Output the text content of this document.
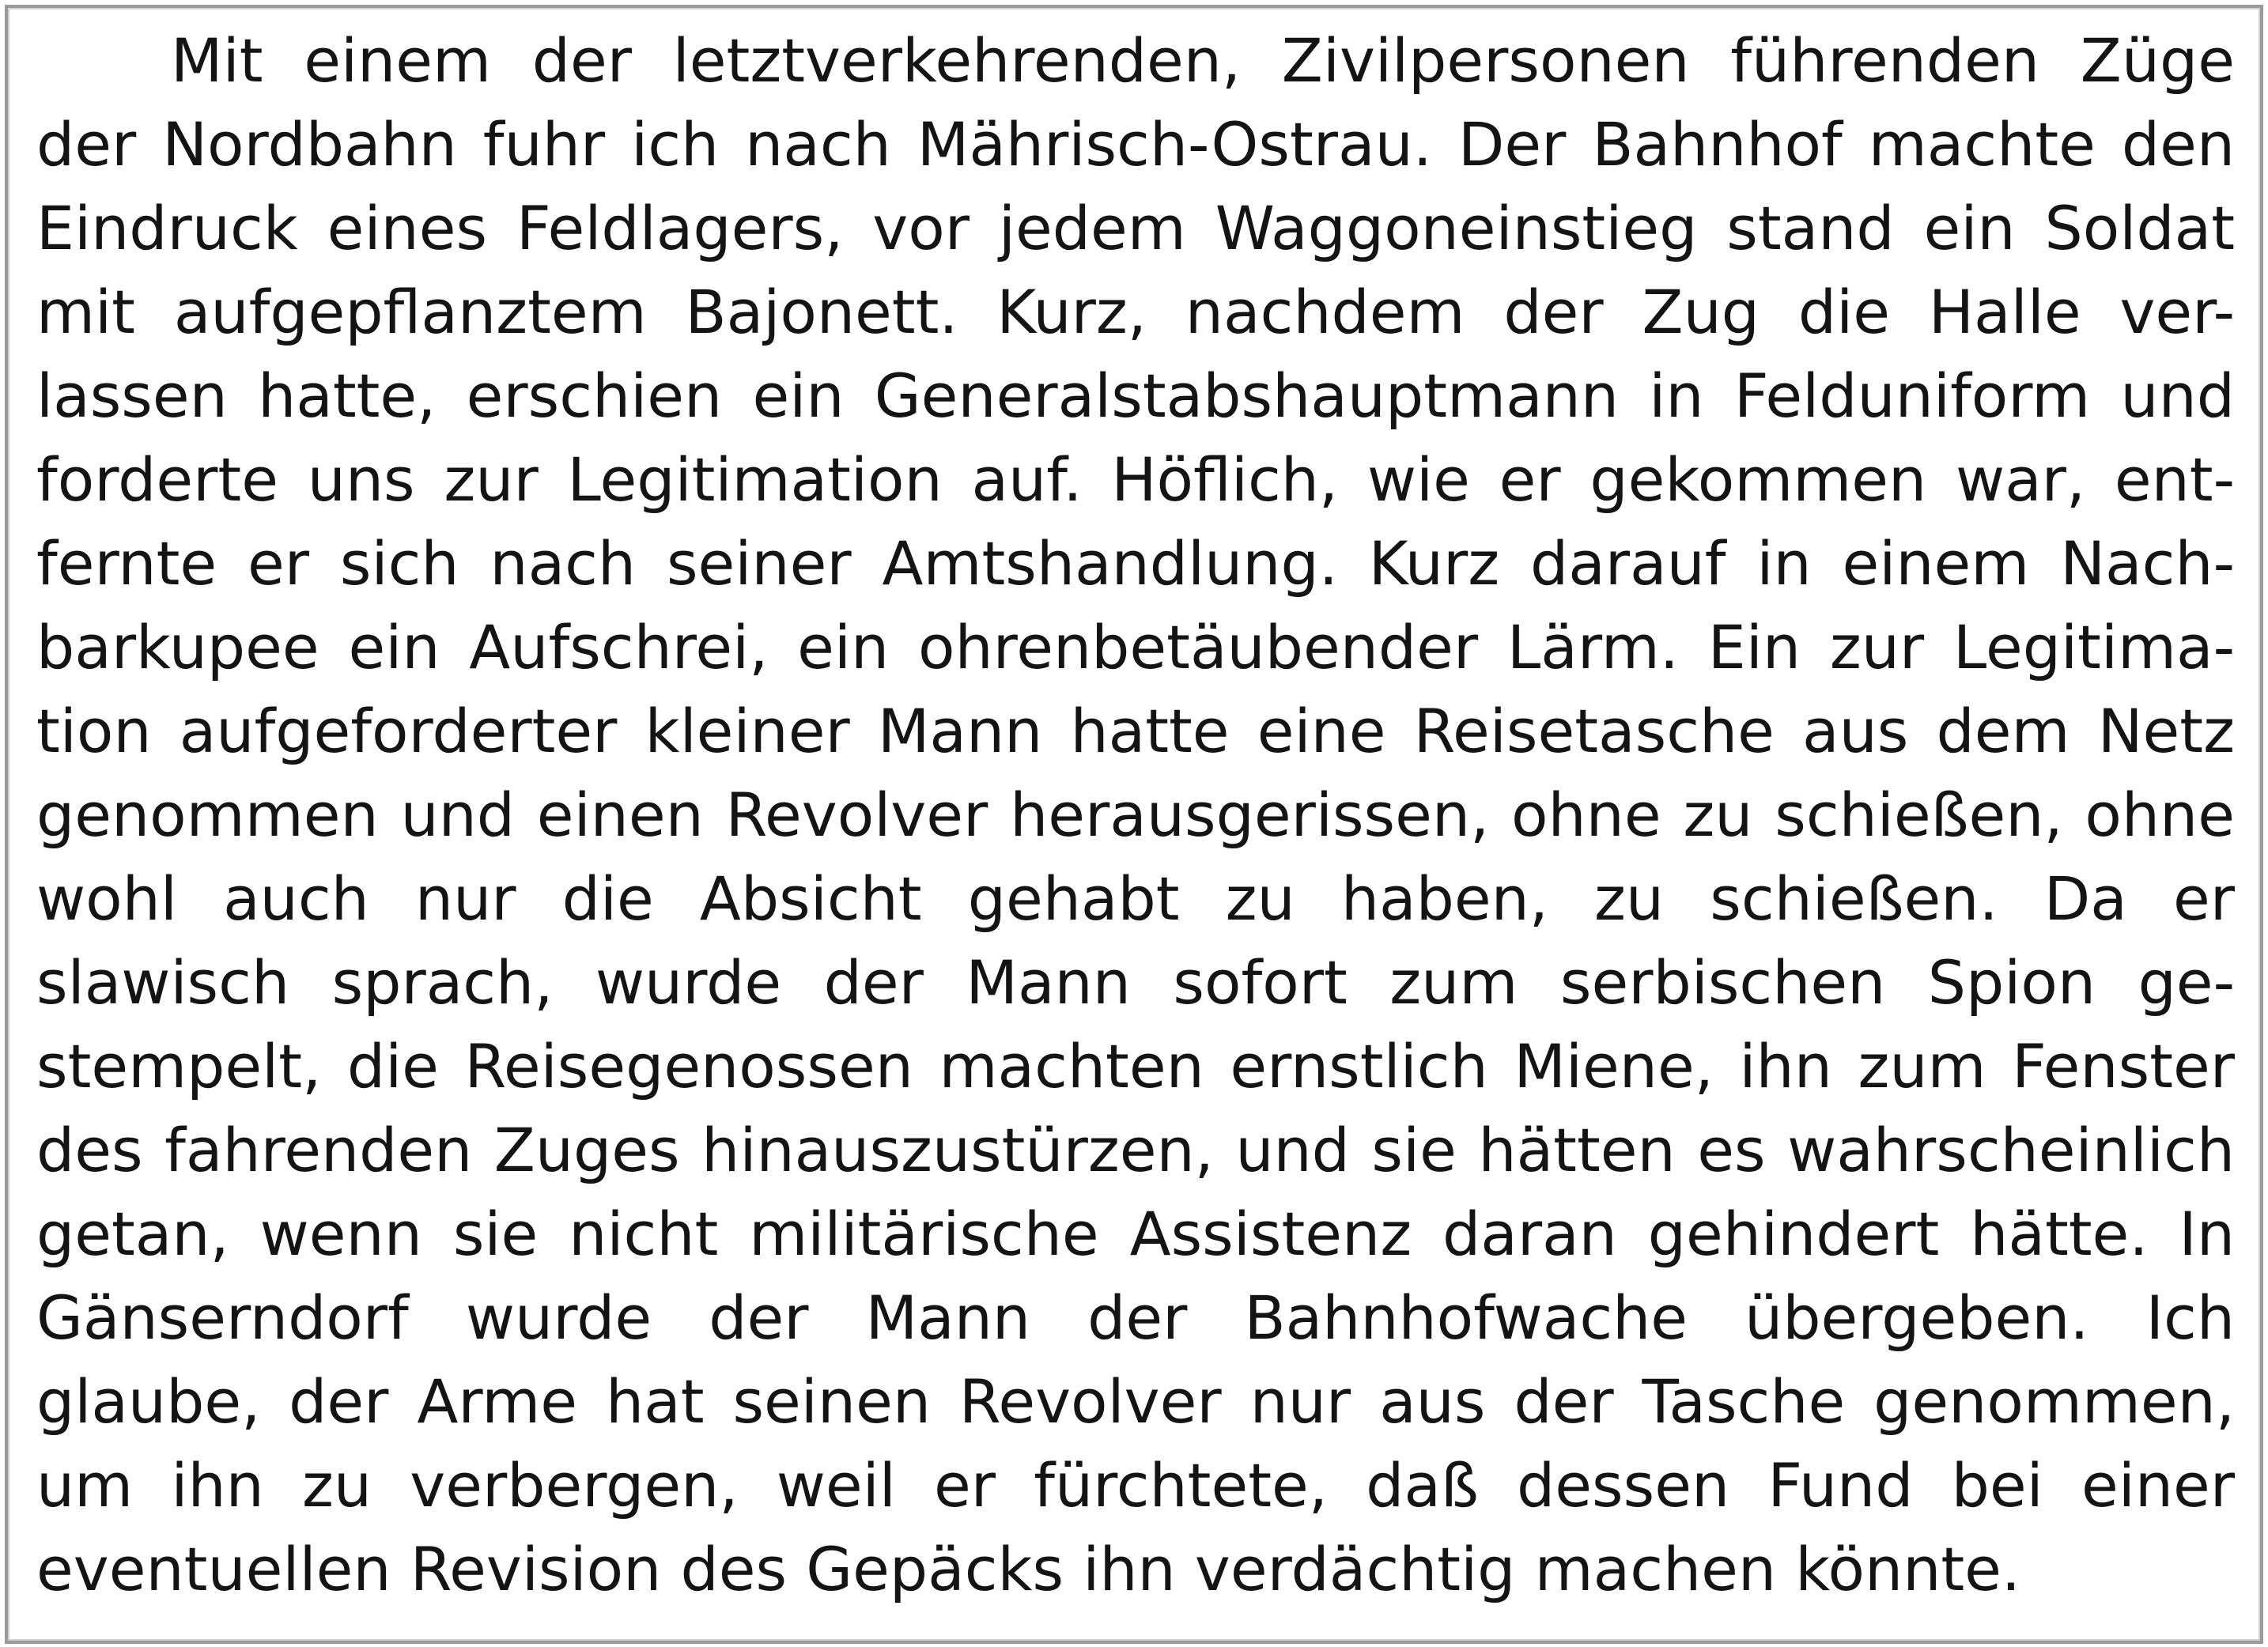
Mit einem der letztverkehrenden, Zivilpersonen führenden Züge
der Nordbahn fuhr ich nach Mährisch-Ostrau. Der Bahnhof machte den
Eindruck eines Feldlagers, vor jedem Waggoneinstieg stand ein Soldat
mit aufgepflanztem Bajonett. Kurz, nachdem der Zug die Halle ver-
lassen hatte, erschien ein Generalstabshauptmann in Felduniform und
forderte uns zur Legitimation auf. Höflich, wie er gekommen war, ent-
fernte er sich nach seiner Amtshandlung. Kurz darauf in einem Nach-
barkupee ein Aufschrei, ein ohrenbetäubender Lärm. Ein zur Legitima-
tion aufgeforderter kleiner Mann hatte eine Reisetasche aus dem Netz
genommen und einen Revolver herausgerissen, ohne zu schießen, ohne
wohl auch nur die Absicht gehabt zu haben, zu schießen. Da er
slawisch sprach, wurde der Mann sofort zum serbischen Spion ge-
stempelt, die Reisegenossen machten ernstlich Miene, ihn zum Fenster
des fahrenden Zuges hinauszustürzen, und sie hätten es wahrscheinlich
getan, wenn sie nicht militärische Assistenz daran gehindert hätte. In
Gänserndorf wurde der Mann der Bahnhofwache übergeben. Ich
glaube, der Arme hat seinen Revolver nur aus der Tasche genommen,
um ihn zu verbergen, weil er fürchtete, daß dessen Fund bei einer
eventuellen Revision des Gepäcks ihn verdächtig machen könnte.
